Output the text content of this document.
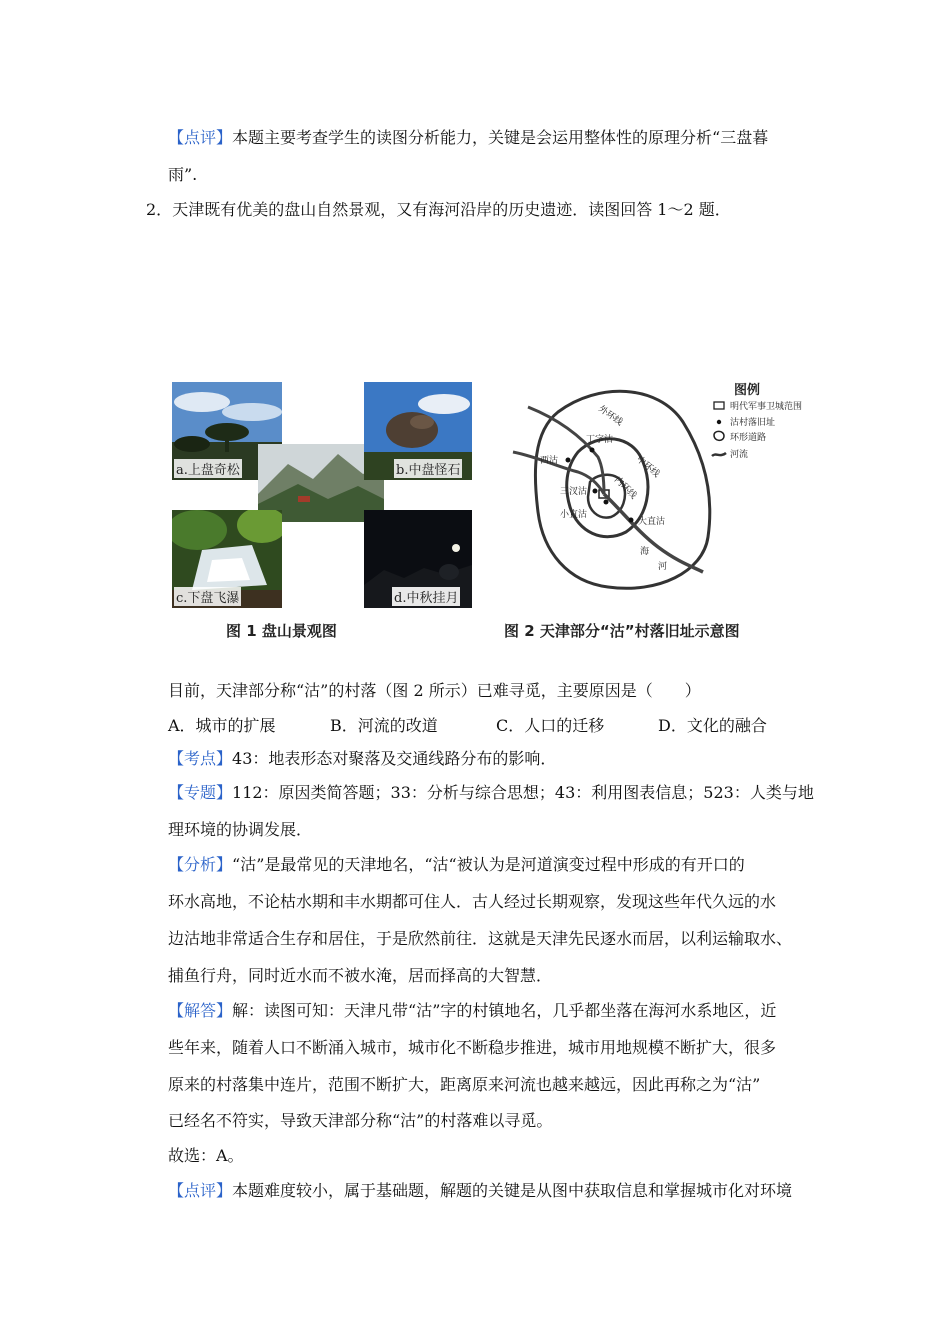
【点评】本题主要考查学生的读图分析能力，关键是会运用整体性的原理分析“三盘暮
雨”.
2．天津既有优美的盘山自然景观，又有海河沿岸的历史遗迹．读图回答 1～2 题．
a.上盘奇松	b.中盘怪石
c.下盘飞瀑	d.中秋挂月
外环线
中环线
内环线
丁字沽
西沽
三汊沽
小直沽
大直沽
海
河
图例
明代军事卫城范围
沽村落旧址
环形道路
河流
图 1 盘山景观图	图 2 天津部分“沽”村落旧址示意图
目前，天津部分称“沽”的村落（图 2 所示）已难寻觅，主要原因是（　　）
A．城市的扩展	B．河流的改道	C．人口的迁移	D．文化的融合
【考点】43：地表形态对聚落及交通线路分布的影响．
【专题】112：原因类简答题；33：分析与综合思想；43：利用图表信息；523：人类与地
理环境的协调发展．
【分析】“沽”是最常见的天津地名，“沽“被认为是河道演变过程中形成的有开口的
环水高地，不论枯水期和丰水期都可住人．古人经过长期观察，发现这些年代久远的水
边沽地非常适合生存和居住，于是欣然前往．这就是天津先民逐水而居，以利运输取水、
捕鱼行舟，同时近水而不被水淹，居而择高的大智慧．
【解答】解：读图可知：天津凡带“沽”字的村镇地名，几乎都坐落在海河水系地区，近
些年来，随着人口不断涌入城市，城市化不断稳步推进，城市用地规模不断扩大，很多
原来的村落集中连片，范围不断扩大，距离原来河流也越来越远，因此再称之为“沽”
已经名不符实，导致天津部分称“沽”的村落难以寻觅。
故选：A。
【点评】本题难度较小，属于基础题，解题的关键是从图中获取信息和掌握城市化对环境
